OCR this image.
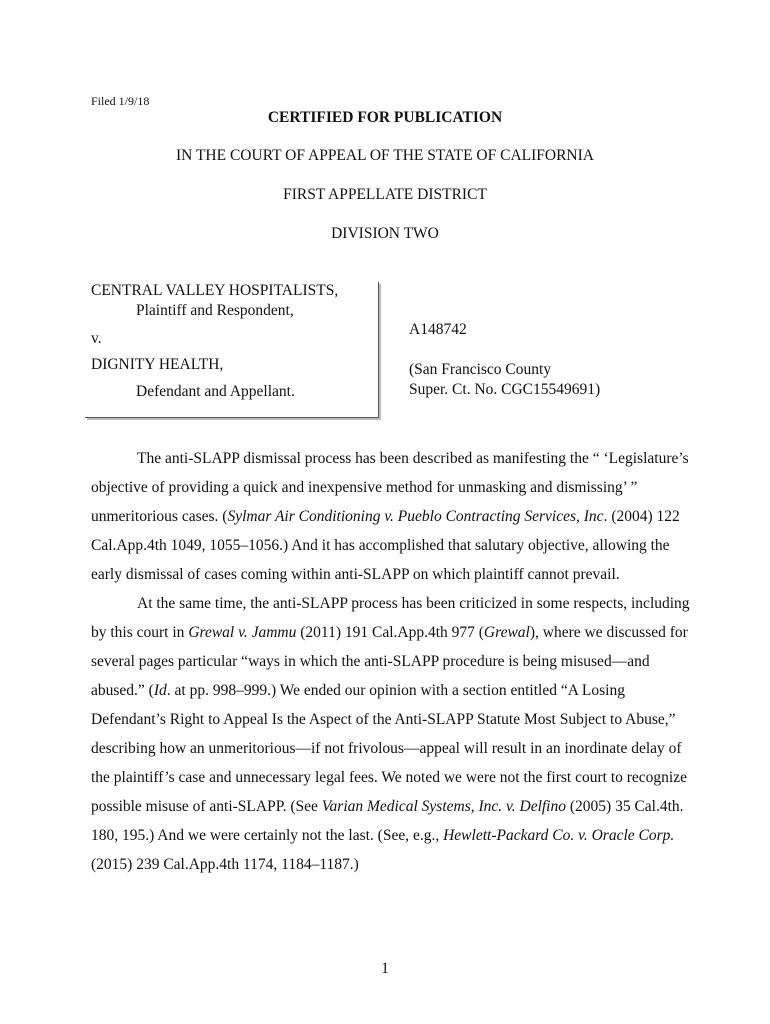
Filed 1/9/18
CERTIFIED FOR PUBLICATION
IN THE COURT OF APPEAL OF THE STATE OF CALIFORNIA
FIRST APPELLATE DISTRICT
DIVISION TWO
CENTRAL VALLEY HOSPITALISTS,
Plaintiff and Respondent,
v.
DIGNITY HEALTH,
Defendant and Appellant.
A148742
(San Francisco County
Super. Ct. No. CGC15549691)

The anti-SLAPP dismissal process has been described as manifesting the “ ‘Legislature’s objective of providing a quick and inexpensive method for unmasking and dismissing’ ” unmeritorious cases. (Sylmar Air Conditioning v. Pueblo Contracting Services, Inc. (2004) 122 Cal.App.4th 1049, 1055–1056.) And it has accomplished that salutary objective, allowing the early dismissal of cases coming within anti-SLAPP on which plaintiff cannot prevail.

At the same time, the anti-SLAPP process has been criticized in some respects, including by this court in Grewal v. Jammu (2011) 191 Cal.App.4th 977 (Grewal), where we discussed for several pages particular “ways in which the anti-SLAPP procedure is being misused—and abused.” (Id. at pp. 998–999.) We ended our opinion with a section entitled “A Losing Defendant’s Right to Appeal Is the Aspect of the Anti-SLAPP Statute Most Subject to Abuse,” describing how an unmeritorious—if not frivolous—appeal will result in an inordinate delay of the plaintiff’s case and unnecessary legal fees. We noted we were not the first court to recognize possible misuse of anti-SLAPP. (See Varian Medical Systems, Inc. v. Delfino (2005) 35 Cal.4th. 180, 195.) And we were certainly not the last. (See, e.g., Hewlett-Packard Co. v. Oracle Corp. (2015) 239 Cal.App.4th 1174, 1184–1187.)

1
